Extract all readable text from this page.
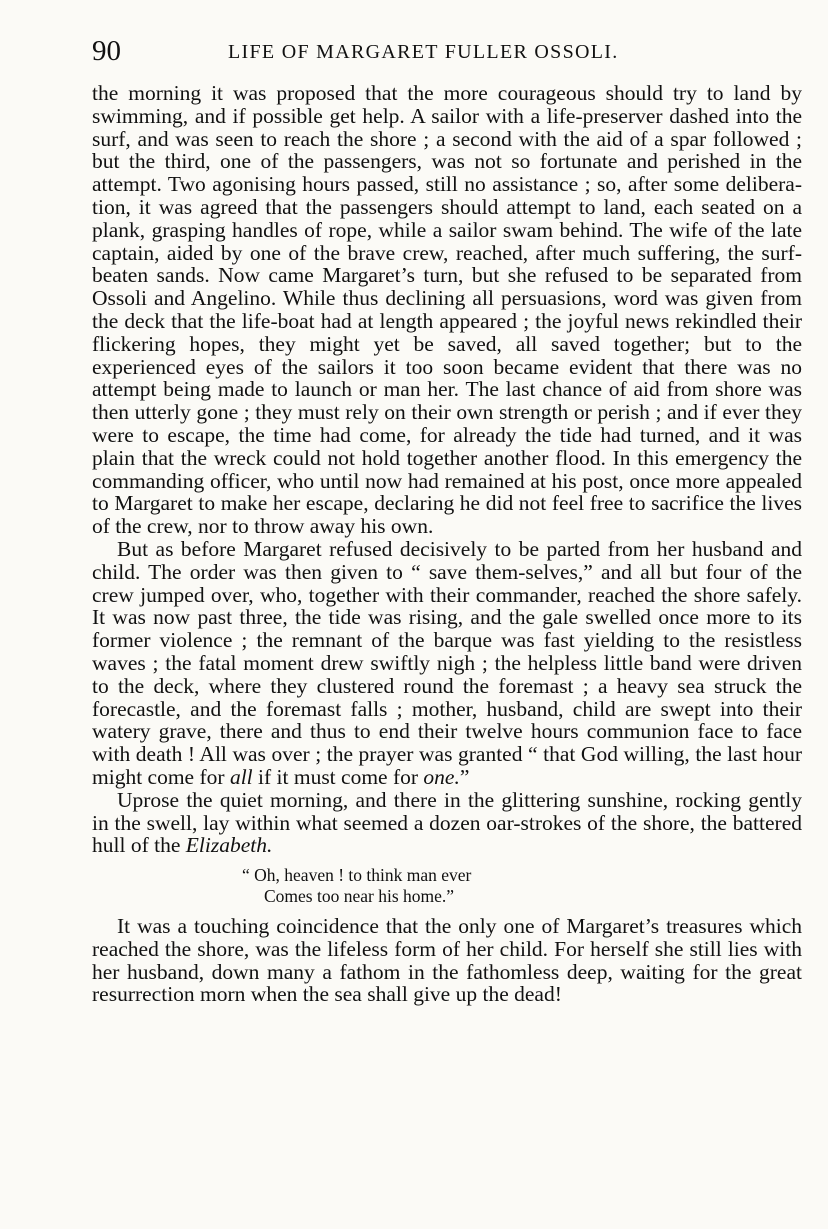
90	LIFE OF MARGARET FULLER OSSOLI.

the morning it was proposed that the more courageous should try to land by swimming, and if possible get help. A sailor with a life-preserver dashed into the surf, and was seen to reach the shore ; a second with the aid of a spar followed ; but the third, one of the passengers, was not so fortunate and perished in the attempt. Two agonising hours passed, still no assistance ; so, after some delibera-tion, it was agreed that the passengers should attempt to land, each seated on a plank, grasping handles of rope, while a sailor swam behind. The wife of the late captain, aided by one of the brave crew, reached, after much suffering, the surf-beaten sands. Now came Margaret’s turn, but she refused to be separated from Ossoli and Angelino. While thus declining all persuasions, word was given from the deck that the life-boat had at length appeared ; the joyful news rekindled their flickering hopes, they might yet be saved, all saved together; but to the experienced eyes of the sailors it too soon became evident that there was no attempt being made to launch or man her. The last chance of aid from shore was then utterly gone ; they must rely on their own strength or perish ; and if ever they were to escape, the time had come, for already the tide had turned, and it was plain that the wreck could not hold together another flood. In this emergency the commanding officer, who until now had remained at his post, once more appealed to Margaret to make her escape, declaring he did not feel free to sacrifice the lives of the crew, nor to throw away his own.

But as before Margaret refused decisively to be parted from her husband and child. The order was then given to “ save them-selves,” and all but four of the crew jumped over, who, together with their commander, reached the shore safely. It was now past three, the tide was rising, and the gale swelled once more to its former violence ; the remnant of the barque was fast yielding to the resistless waves ; the fatal moment drew swiftly nigh ; the helpless little band were driven to the deck, where they clustered round the foremast ; a heavy sea struck the forecastle, and the foremast falls ; mother, husband, child are swept into their watery grave, there and thus to end their twelve hours communion face to face with death ! All was over ; the prayer was granted “ that God willing, the last hour might come for all if it must come for one.”

Uprose the quiet morning, and there in the glittering sunshine, rocking gently in the swell, lay within what seemed a dozen oar-strokes of the shore, the battered hull of the Elizabeth.

“ Oh, heaven ! to think man ever
Comes too near his home.”

It was a touching coincidence that the only one of Margaret’s treasures which reached the shore, was the lifeless form of her child. For herself she still lies with her husband, down many a fathom in the fathomless deep, waiting for the great resurrection morn when the sea shall give up the dead!
